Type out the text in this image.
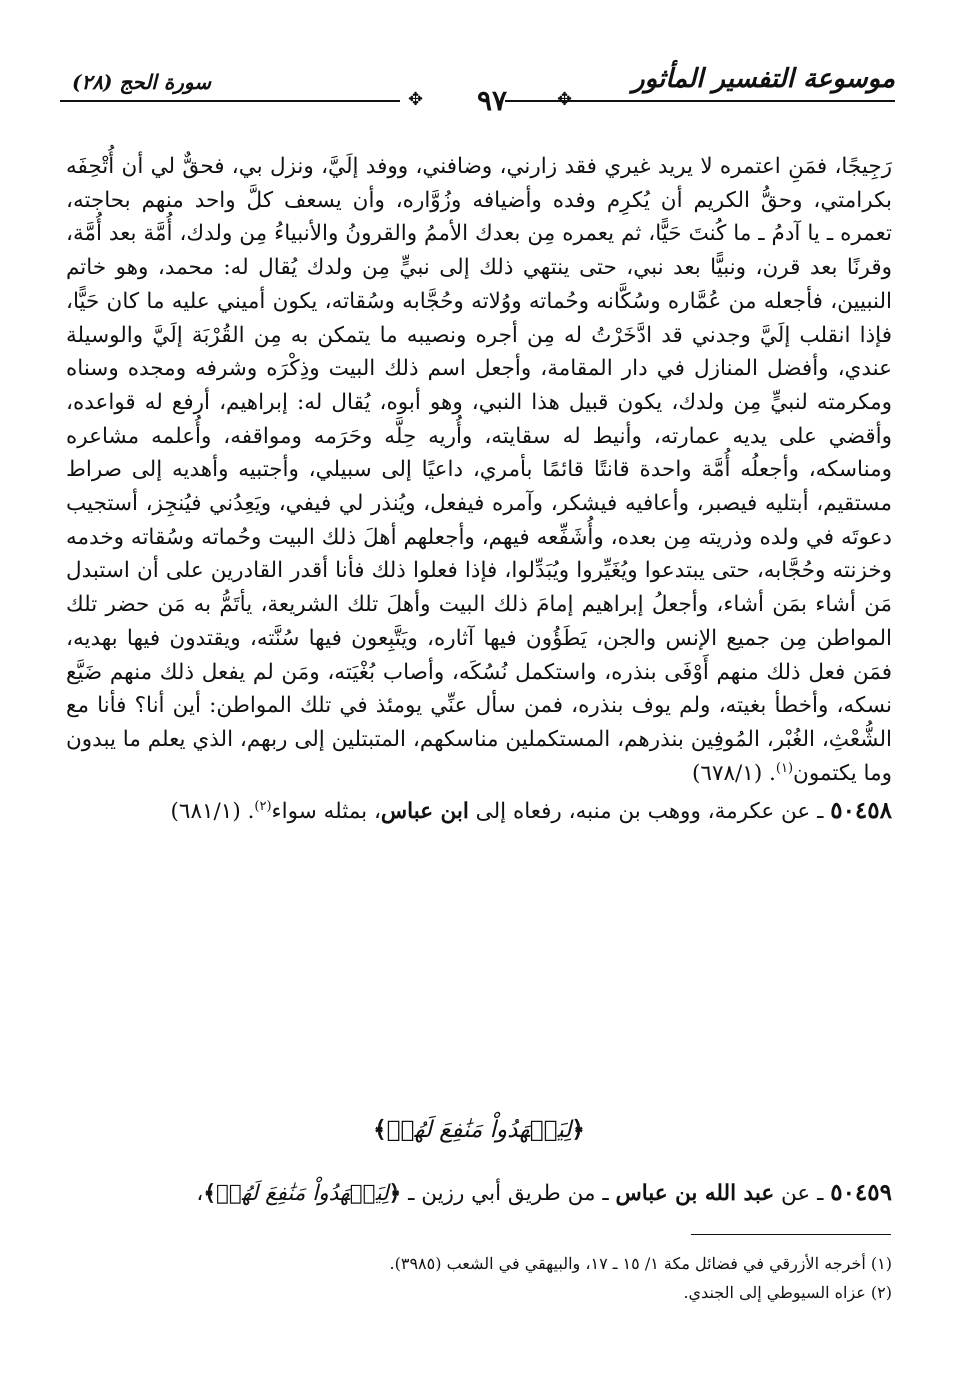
موسوعة التفسير المأثور
سورة الحج (٢٨)
✥
٩٧
✥

رَجِيجًا، فمَنِ اعتمره لا يريد غيري فقد زارني، وضافني، ووفد إلَيَّ، ونزل بي، فحقٌّ لي أن أُتْحِفَه بكرامتي، وحقُّ الكريم أن يُكرِم وفده وأضيافه وزُوَّاره، وأن يسعف كلَّ واحد منهم بحاجته، تعمره ـ يا آدمُ ـ ما كُنتَ حَيًّا، ثم يعمره مِن بعدك الأممُ والقرونُ والأنبياءُ مِن ولدك، أُمَّة بعد أُمَّة، وقرنًا بعد قرن، ونبيًّا بعد نبي، حتى ينتهي ذلك إلى نبيٍّ مِن ولدك يُقال له: محمد، وهو خاتم النبيين، فأجعله من عُمَّاره وسُكَّانه وحُماته ووُلاته وحُجَّابه وسُقاته، يكون أميني عليه ما كان حَيًّا، فإذا انقلب إلَيَّ وجدني قد ادَّخَرْتُ له مِن أجره ونصيبه ما يتمكن به مِن القُرْبَة إلَيَّ والوسيلة عندي، وأفضل المنازل في دار المقامة، وأجعل اسم ذلك البيت وذِكْرَه وشرفه ومجده وسناه ومكرمته لنبيٍّ مِن ولدك، يكون قبيل هذا النبي، وهو أبوه، يُقال له: إبراهيم، أرفع له قواعده، وأقضي على يديه عمارته، وأنيط له سقايته، وأُريه حِلَّه وحَرَمه ومواقفه، وأُعلمه مشاعره ومناسكه، وأجعلُه أُمَّة واحدة قانتًا قائمًا بأمري، داعيًا إلى سبيلي، وأجتبيه وأهديه إلى صراط مستقيم، أبتليه فيصبر، وأعافيه فيشكر، وآمره فيفعل، ويُنذر لي فيفي، ويَعِدُني فيُنجِز، أستجيب دعوتَه في ولده وذريته مِن بعده، وأُشَفِّعه فيهم، وأجعلهم أهلَ ذلك البيت وحُماته وسُقاته وخدمه وخزنته وحُجَّابه، حتى يبتدعوا ويُغَيِّروا ويُبَدِّلوا، فإذا فعلوا ذلك فأنا أقدر القادرين على أن استبدل مَن أشاء بمَن أشاء، وأجعلُ إبراهيم إمامَ ذلك البيت وأهلَ تلك الشريعة، يأتَمُّ به مَن حضر تلك المواطن مِن جميع الإنس والجن، يَطَؤُون فيها آثاره، ويَتَّبِعون فيها سُنَّته، ويقتدون فيها بهديه، فمَن فعل ذلك منهم أَوْفَى بنذره، واستكمل نُسُكَه، وأصاب بُغْيَته، ومَن لم يفعل ذلك منهم ضَيَّع نسكه، وأخطأ بغيته، ولم يوف بنذره، فمن سأل عنِّي يومئذ في تلك المواطن: أين أنا؟ فأنا مع الشُّعْثِ، الغُبْر، المُوفِين بنذرهم، المستكملين مناسكهم، المتبتلين إلى ربهم، الذي يعلم ما يبدون وما يكتمون$^{(١)}$. (٦٧٨/١)

٥٠٤٥٨ ـ عن عكرمة، ووهب بن منبه، رفعاه إلى ابن عباس، بمثله سواء$^{(٢)}$. (٦٨١/١)

﴿لِيَشۡهَدُواْ مَنَٰفِعَ لَهُمۡ﴾
٥٠٤٥٩ ـ عن عبد الله بن عباس ـ من طريق أبي رزين ـ ﴿لِيَشۡهَدُواْ مَنَٰفِعَ لَهُمۡ﴾،

(١) أخرجه الأزرقي في فضائل مكة ١/ ١٥ ـ ١٧، والبيهقي في الشعب (٣٩٨٥).

(٢) عزاه السيوطي إلى الجندي.
